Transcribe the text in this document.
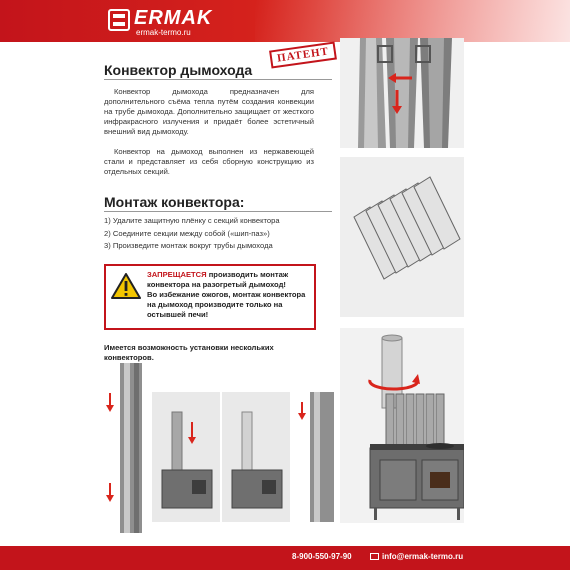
ERMAK
ermak-termo.ru
Конвектор дымохода
ПАТЕНТ
Конвектор дымохода предназначен для дополнительного съёма тепла путём создания конвекции на трубе дымохода. Дополнительно защищает от жесткого инфракрасного излучения и придаёт более эстетичный внешний вид дымоходу.
Конвектор на дымоход выполнен из нержавеющей стали и представляет из себя сборную конструкцию из отдельных секций.
Монтаж конвектора:
1) Удалите защитную плёнку с секций конвектора
2) Соедините секции между собой («шип-паз»)
3) Произведите монтаж вокруг трубы дымохода
ЗАПРЕЩАЕТСЯ производить монтаж конвектора на разогретый дымоход!
Во избежание ожогов, монтаж конвектора на дымоход производите только на остывшей печи!
Имеется возможность установки нескольких конвекторов.
8-900-550-97-90	info@ermak-termo.ru
